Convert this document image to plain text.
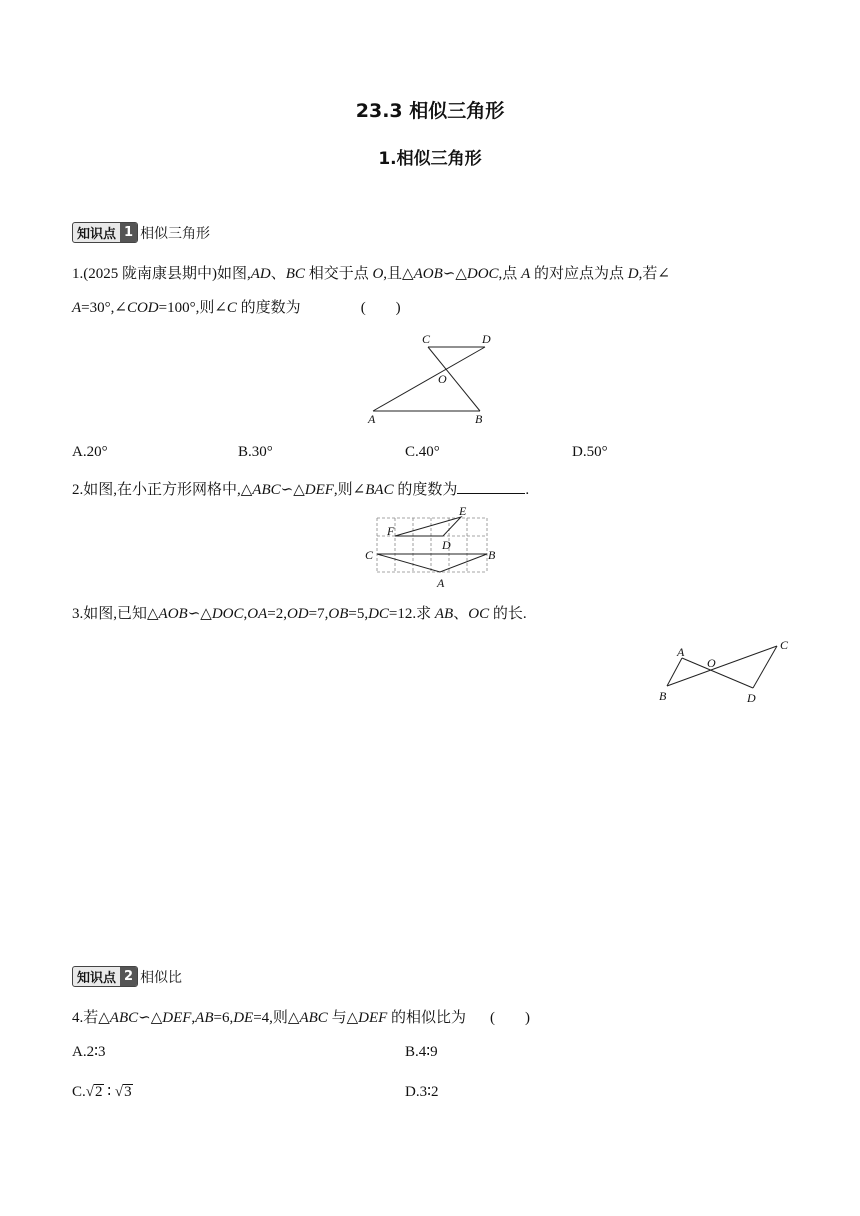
23.3 相似三角形
1.相似三角形
知识点 1 相似三角形
1.(2025 陇南康县期中)如图,AD、BC 相交于点 O,且△AOB∽△DOC,点 A 的对应点为点 D,若∠
A=30°,∠COD=100°,则∠C 的度数为	(　　)
C	D
O
A	B
A.20°	B.30°	C.40°	D.50°
2.如图,在小正方形网格中,△ABC∽△DEF,则∠BAC 的度数为	.
E
F
D
C	B
A
3.如图,已知△AOB∽△DOC,OA=2,OD=7,OB=5,DC=12.求 AB、OC 的长.
A
O
C
B	D
知识点 2 相似比
4.若△ABC∽△DEF,AB=6,DE=4,则△ABC 与△DEF 的相似比为 (　　)
A.2∶3	B.4∶9
C.√2 ∶ √3	D.3∶2
